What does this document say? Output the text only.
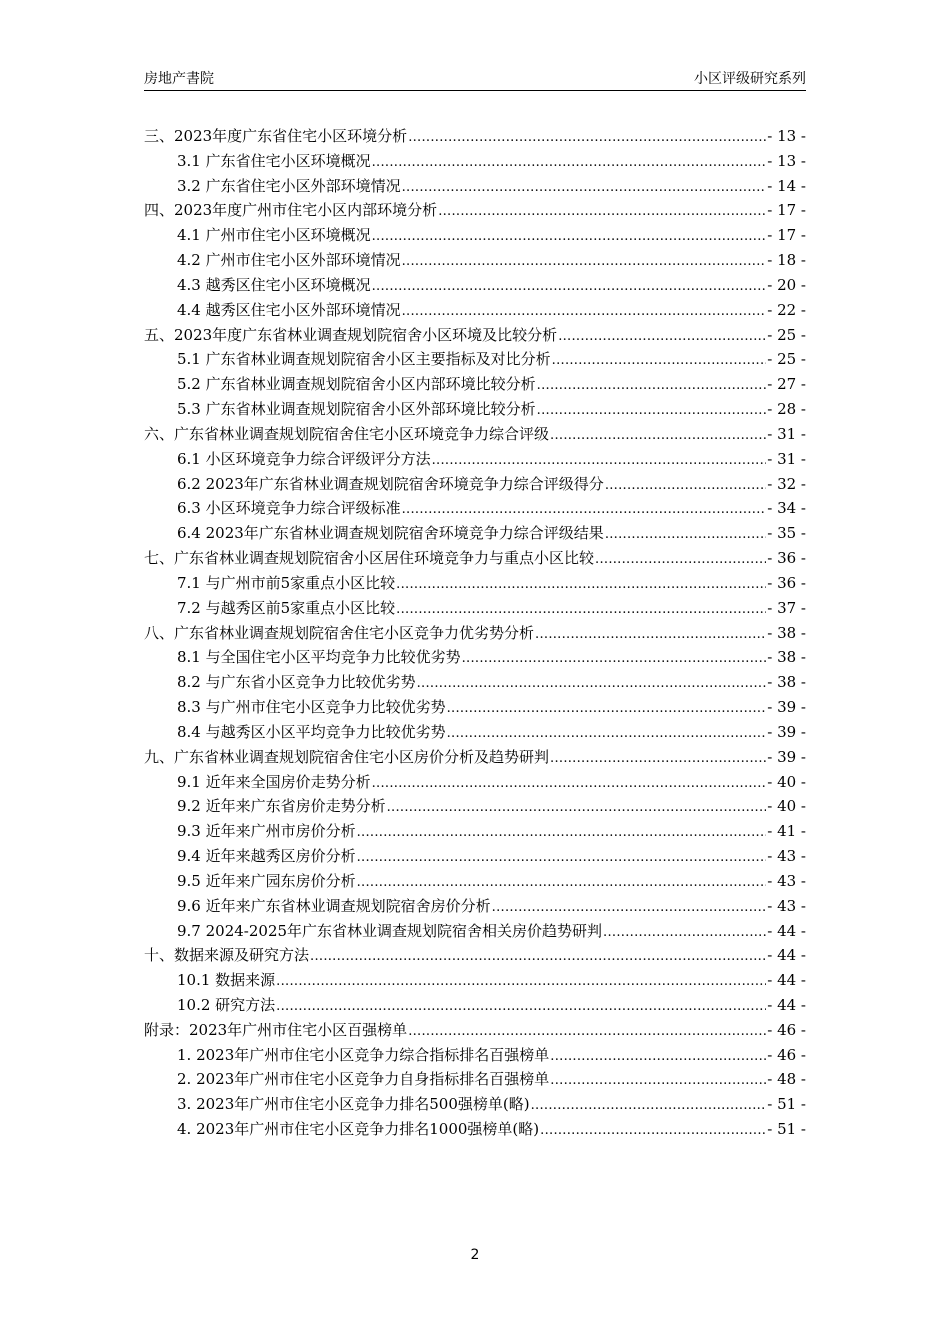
房地产書院	小区评级研究系列
三、2023年度广东省住宅小区环境分析 .....	- 13 -
3.1 广东省住宅小区环境概况 .....	- 13 -
3.2 广东省住宅小区外部环境情况 .....	- 14 -
四、2023年度广州市住宅小区内部环境分析 .....	- 17 -
4.1 广州市住宅小区环境概况 .....	- 17 -
4.2 广州市住宅小区外部环境情况 .....	- 18 -
4.3 越秀区住宅小区环境概况 .....	- 20 -
4.4 越秀区住宅小区外部环境情况 .....	- 22 -
五、2023年度广东省林业调查规划院宿舍小区环境及比较分析 .....	- 25 -
5.1 广东省林业调查规划院宿舍小区主要指标及对比分析 .....	- 25 -
5.2 广东省林业调查规划院宿舍小区内部环境比较分析 .....	- 27 -
5.3 广东省林业调查规划院宿舍小区外部环境比较分析 .....	- 28 -
六、广东省林业调查规划院宿舍住宅小区环境竞争力综合评级 .....	- 31 -
6.1 小区环境竞争力综合评级评分方法 .....	- 31 -
6.2 2023年广东省林业调查规划院宿舍环境竞争力综合评级得分 .....	- 32 -
6.3 小区环境竞争力综合评级标准 .....	- 34 -
6.4 2023年广东省林业调查规划院宿舍环境竞争力综合评级结果 .....	- 35 -
七、广东省林业调查规划院宿舍小区居住环境竞争力与重点小区比较 .....	- 36 -
7.1 与广州市前5家重点小区比较 .....	- 36 -
7.2 与越秀区前5家重点小区比较 .....	- 37 -
八、广东省林业调查规划院宿舍住宅小区竞争力优劣势分析 .....	- 38 -
8.1 与全国住宅小区平均竞争力比较优劣势 .....	- 38 -
8.2 与广东省小区竞争力比较优劣势 .....	- 38 -
8.3 与广州市住宅小区竞争力比较优劣势 .....	- 39 -
8.4 与越秀区小区平均竞争力比较优劣势 .....	- 39 -
九、广东省林业调查规划院宿舍住宅小区房价分析及趋势研判 .....	- 39 -
9.1 近年来全国房价走势分析 .....	- 40 -
9.2 近年来广东省房价走势分析 .....	- 40 -
9.3 近年来广州市房价分析 .....	- 41 -
9.4 近年来越秀区房价分析 .....	- 43 -
9.5 近年来广园东房价分析 .....	- 43 -
9.6 近年来广东省林业调查规划院宿舍房价分析 .....	- 43 -
9.7 2024-2025年广东省林业调查规划院宿舍相关房价趋势研判 .....	- 44 -
十、数据来源及研究方法 .....	- 44 -
10.1 数据来源 .....	- 44 -
10.2 研究方法 .....	- 44 -
附录：2023年广州市住宅小区百强榜单 .....	- 46 -
1. 2023年广州市住宅小区竞争力综合指标排名百强榜单 .....	- 46 -
2. 2023年广州市住宅小区竞争力自身指标排名百强榜单 .....	- 48 -
3. 2023年广州市住宅小区竞争力排名500强榜单(略) .....	- 51 -
4. 2023年广州市住宅小区竞争力排名1000强榜单(略) .....	- 51 -
2
